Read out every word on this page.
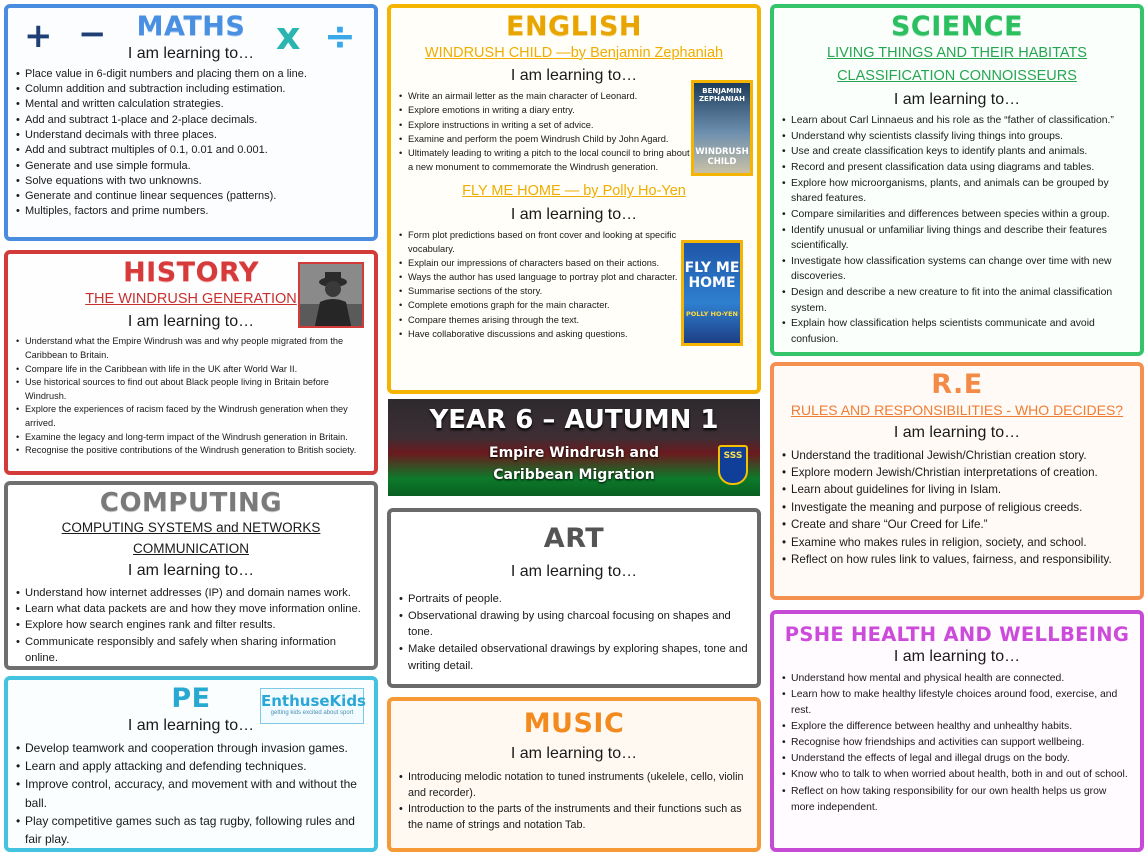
+ −	x ÷
MATHS
I am learning to…
• Place value in 6-digit numbers and placing them on a line.
• Column addition and subtraction including estimation.
• Mental and written calculation strategies.
• Add and subtract 1-place and 2-place decimals.
• Understand decimals with three places.
• Add and subtract multiples of 0.1, 0.01 and 0.001.
• Generate and use simple formula.
• Solve equations with two unknowns.
• Generate and continue linear sequences (patterns).
• Multiples, factors and prime numbers.
HISTORY
THE WINDRUSH GENERATION
I am learning to…
• Understand what the Empire Windrush was and why people migrated from the Caribbean to Britain.
• Compare life in the Caribbean with life in the UK after World War II.
• Use historical sources to find out about Black people living in Britain before Windrush.
• Explore the experiences of racism faced by the Windrush generation when they arrived.
• Examine the legacy and long-term impact of the Windrush generation in Britain.
• Recognise the positive contributions of the Windrush generation to British society.
COMPUTING
COMPUTING SYSTEMS and NETWORKS
COMMUNICATION
I am learning to…
• Understand how internet addresses (IP) and domain names work.
• Learn what data packets are and how they move information online.
• Explore how search engines rank and filter results.
• Communicate responsibly and safely when sharing information online.
EnthuseKids
getting kids excited about sport
PE
I am learning to…
• Develop teamwork and cooperation through invasion games.
• Learn and apply attacking and defending techniques.
• Improve control, accuracy, and movement with and without the ball.
• Play competitive games such as tag rugby, following rules and fair play.
ENGLISH
WINDRUSH CHILD —by Benjamin Zephaniah
I am learning to…
BENJAMIN ZEPHANIAH
WINDRUSH CHILD
• Write an airmail letter as the main character of Leonard.
• Explore emotions in writing a diary entry.
• Explore instructions in writing a set of advice.
• Examine and perform the poem Windrush Child by John Agard.
• Ultimately leading to writing a pitch to the local council to bring about a new monument to commemorate the Windrush generation.
FLY ME HOME — by Polly Ho-Yen
I am learning to…
FLY ME HOME
POLLY HO-YEN
• Form plot predictions based on front cover and looking at specific vocabulary.
• Explain our impressions of characters based on their actions.
• Ways the author has used language to portray plot and character.
• Summarise sections of the story.
• Complete emotions graph for the main character.
• Compare themes arising through the text.
• Have collaborative discussions and asking questions.
YEAR 6 – AUTUMN 1
Empire Windrush and
Caribbean Migration
SSS
ART
I am learning to…
• Portraits of people.
• Observational drawing by using charcoal focusing on shapes and tone.
• Make detailed observational drawings by exploring shapes, tone and writing detail.
MUSIC
I am learning to…
• Introducing melodic notation to tuned instruments (ukelele, cello, violin and recorder).
• Introduction to the parts of the instruments and their functions such as the name of strings and notation Tab.
SCIENCE
LIVING THINGS AND THEIR HABITATS
CLASSIFICATION CONNOISSEURS
I am learning to…
• Learn about Carl Linnaeus and his role as the “father of classification.”
• Understand why scientists classify living things into groups.
• Use and create classification keys to identify plants and animals.
• Record and present classification data using diagrams and tables.
• Explore how microorganisms, plants, and animals can be grouped by shared features.
• Compare similarities and differences between species within a group.
• Identify unusual or unfamiliar living things and describe their features scientifically.
• Investigate how classification systems can change over time with new discoveries.
• Design and describe a new creature to fit into the animal classification system.
• Explain how classification helps scientists communicate and avoid confusion.
R.E
RULES AND RESPONSIBILITIES - WHO DECIDES?
I am learning to…
• Understand the traditional Jewish/Christian creation story.
• Explore modern Jewish/Christian interpretations of creation.
• Learn about guidelines for living in Islam.
• Investigate the meaning and purpose of religious creeds.
• Create and share “Our Creed for Life.”
• Examine who makes rules in religion, society, and school.
• Reflect on how rules link to values, fairness, and responsibility.
PSHE HEALTH AND WELLBEING
I am learning to…
• Understand how mental and physical health are connected.
• Learn how to make healthy lifestyle choices around food, exercise, and rest.
• Explore the difference between healthy and unhealthy habits.
• Recognise how friendships and activities can support wellbeing.
• Understand the effects of legal and illegal drugs on the body.
• Know who to talk to when worried about health, both in and out of school.
• Reflect on how taking responsibility for our own health helps us grow more independent.
